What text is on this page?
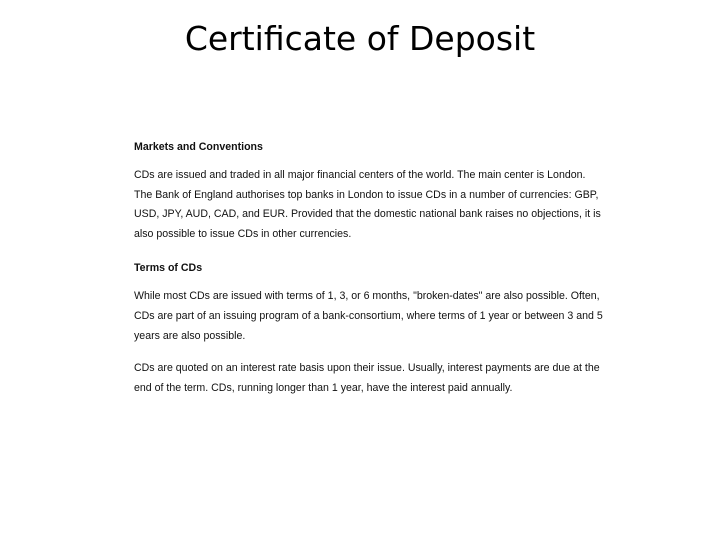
Certificate of Deposit
Markets and Conventions
CDs are issued and traded in all major financial centers of the world. The main center is London. The Bank of England authorises top banks in London to issue CDs in a number of currencies: GBP, USD, JPY, AUD, CAD, and EUR. Provided that the domestic national bank raises no objections, it is also possible to issue CDs in other currencies.
Terms of CDs
While most CDs are issued with terms of 1, 3, or 6 months, "broken-dates" are also possible. Often, CDs are part of an issuing program of a bank-consortium, where terms of 1 year or between 3 and 5 years are also possible.
CDs are quoted on an interest rate basis upon their issue. Usually, interest payments are due at the end of the term. CDs, running longer than 1 year, have the interest paid annually.
